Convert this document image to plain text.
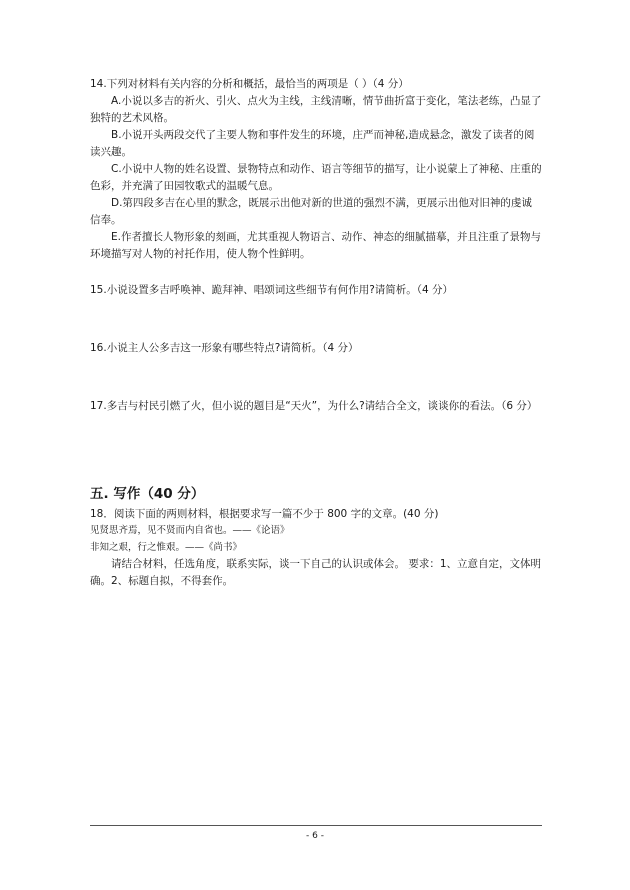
14.下列对材料有关内容的分析和概括，最恰当的两项是（ ）（4 分）

A.小说以多吉的祈火、引火、点火为主线，主线清晰，情节曲折富于变化，笔法老练，凸显了独特的艺术风格。

B.小说开头两段交代了主要人物和事件发生的环境，庄严而神秘,造成悬念，激发了读者的阅读兴趣。

C.小说中人物的姓名设置、景物特点和动作、语言等细节的描写，让小说蒙上了神秘、庄重的色彩，并充满了田园牧歌式的温暖气息。

D.第四段多吉在心里的默念，既展示出他对新的世道的强烈不满，更展示出他对旧神的虔诚信奉。

E.作者擅长人物形象的刻画，尤其重视人物语言、动作、神态的细腻描摹，并且注重了景物与环境描写对人物的衬托作用，使人物个性鲜明。

15.小说设置多吉呼唤神、跪拜神、唱颂词这些细节有何作用?请简析。（4 分）

16.小说主人公多吉这一形象有哪些特点?请简析。（4 分）

17.多吉与村民引燃了火，但小说的题目是“天火”，为什么?请结合全文，谈谈你的看法。（6 分）

五. 写作（40 分）

18．阅读下面的两则材料，根据要求写一篇不少于 800 字的文章。(40 分)

见贤思齐焉，见不贤而内自省也。——《论语》

非知之艰，行之惟艰。——《尚书》

请结合材料，任选角度，联系实际，谈一下自己的认识或体会。 要求：1、立意自定，文体明确。2、标题自拟，不得套作。

- 6 -
